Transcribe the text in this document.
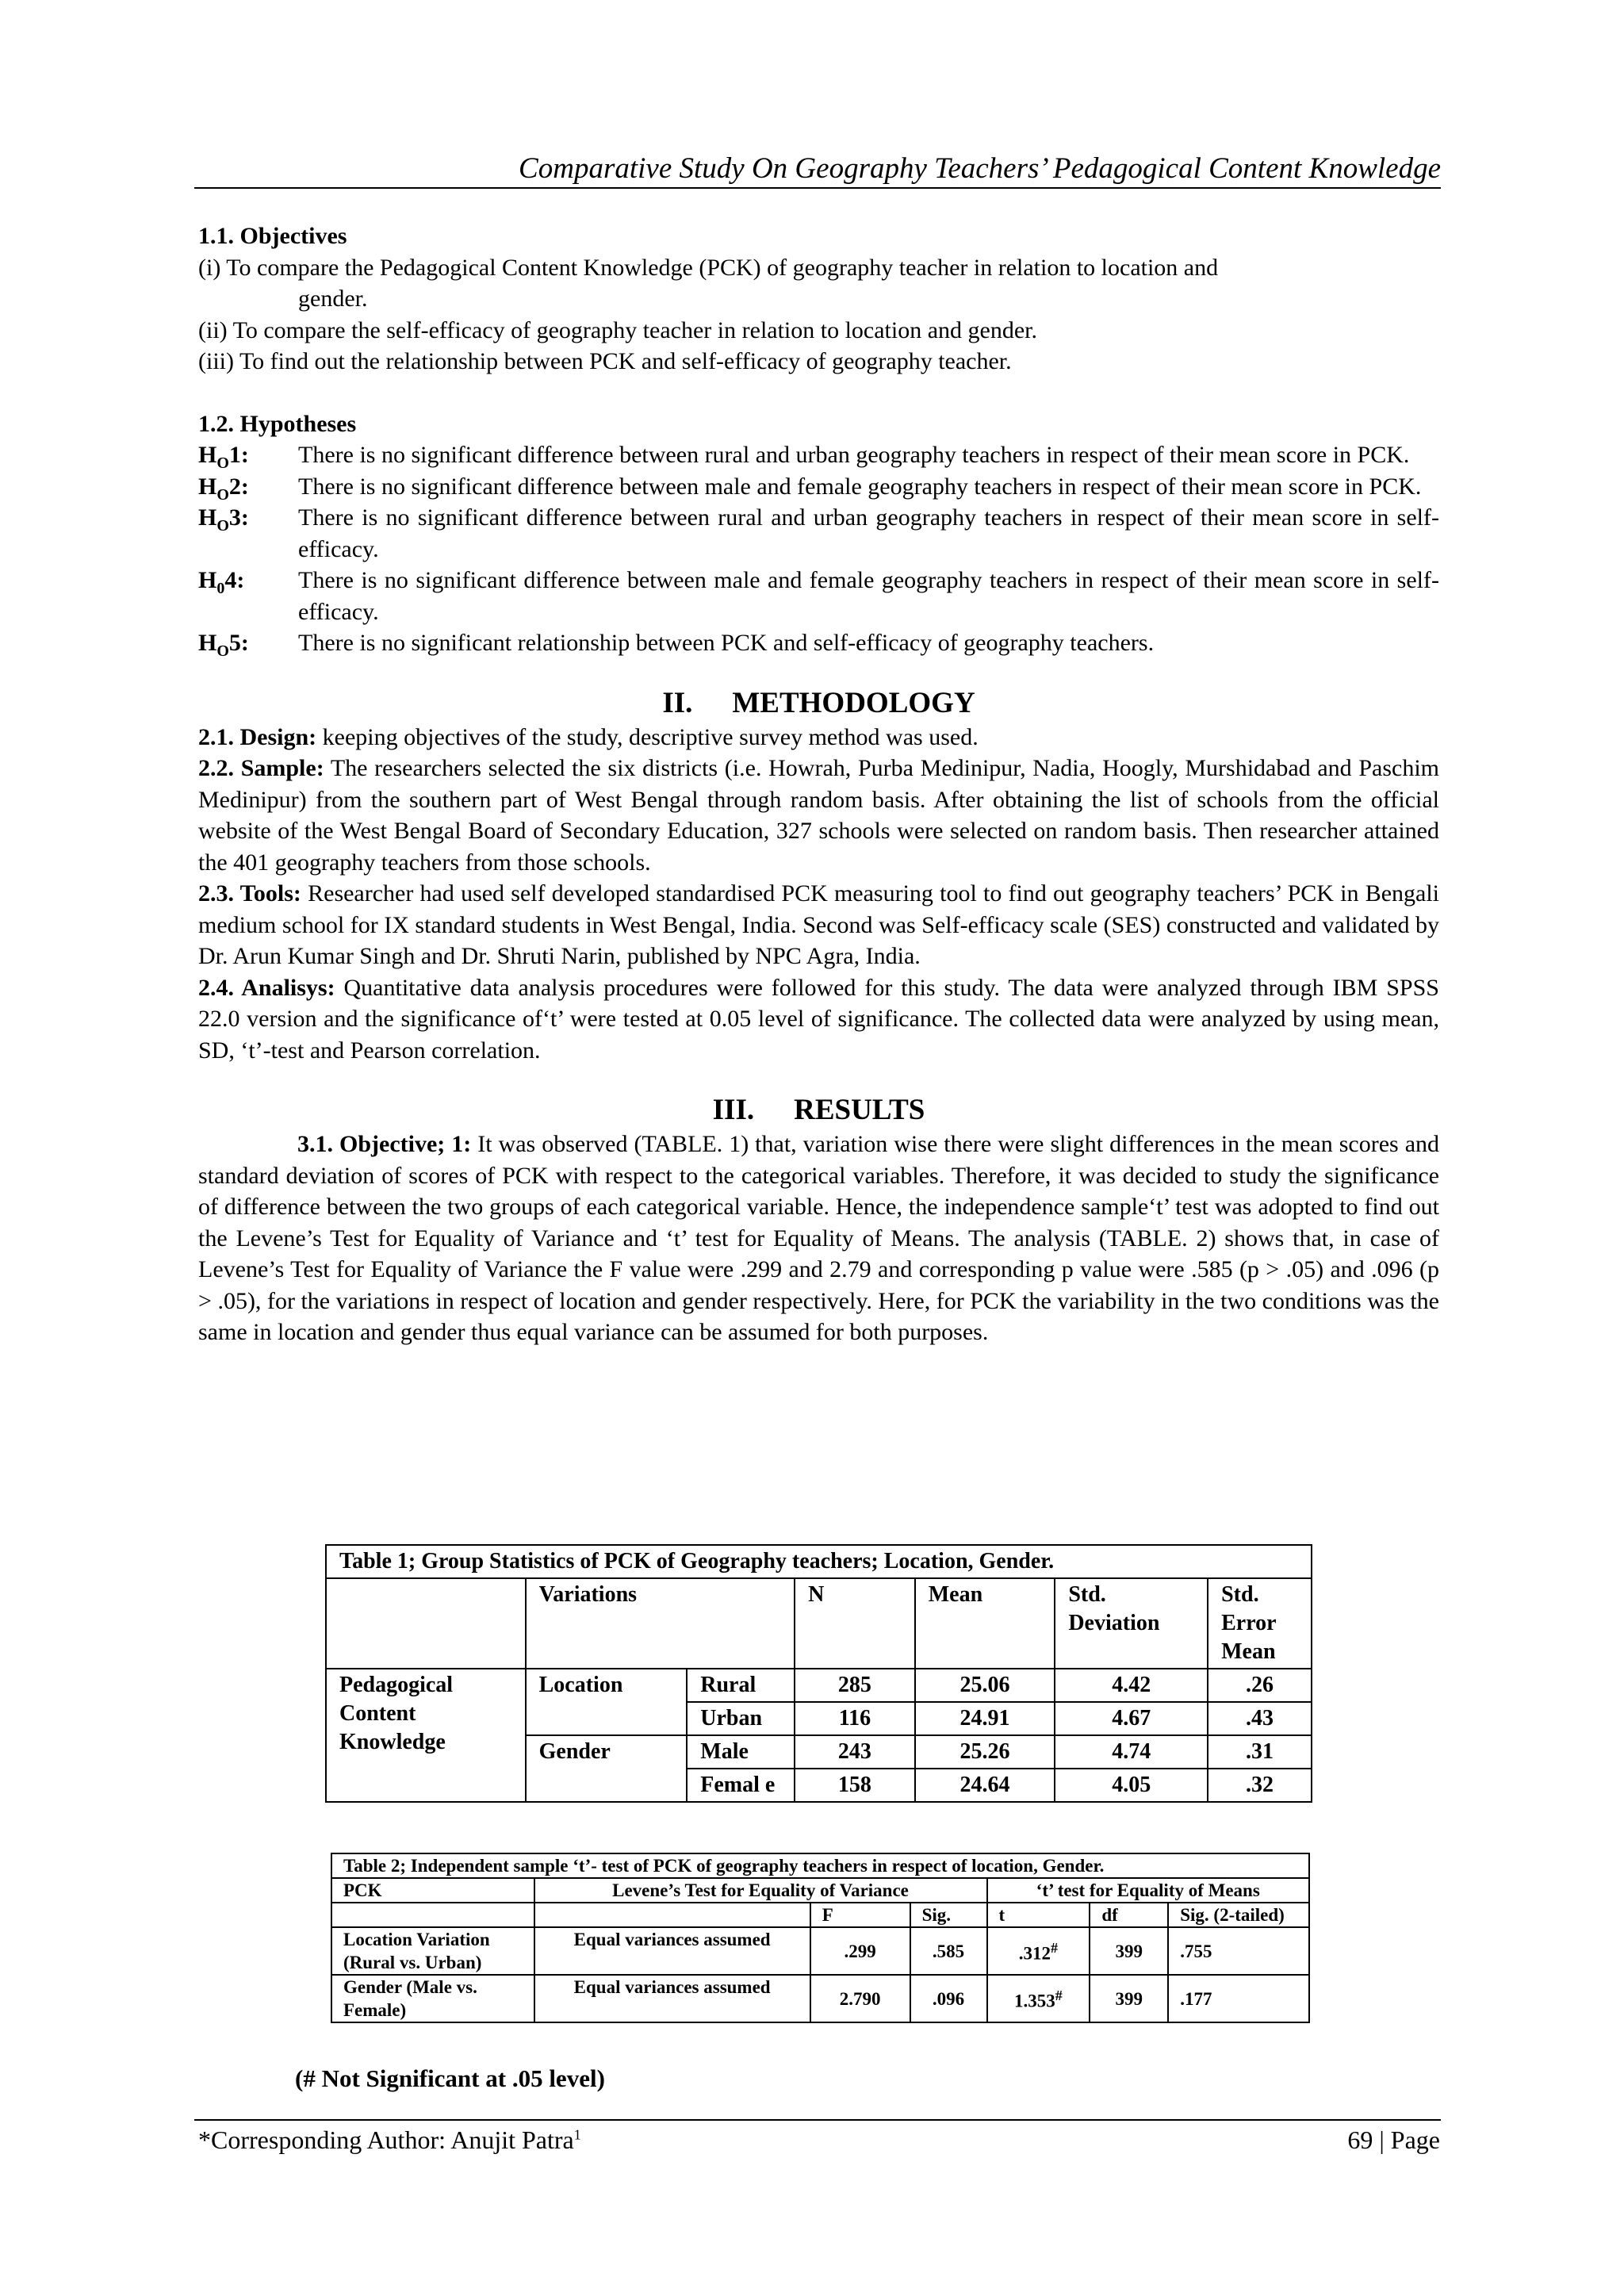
Comparative Study On Geography Teachers’ Pedagogical Content Knowledge
1.1. Objectives

(i) To compare the Pedagogical Content Knowledge (PCK) of geography teacher in relation to location and

gender.

(ii) To compare the self-efficacy of geography teacher in relation to location and gender.

(iii) To find out the relationship between PCK and self-efficacy of geography teacher.

1.2. Hypotheses
$H_O1$:	There is no significant difference between rural and urban geography teachers in respect of their mean score in PCK.
$H_O2$:	There is no significant difference between male and female geography teachers in respect of their mean score in PCK.
$H_O3$:	There is no significant difference between rural and urban geography teachers in respect of their mean score in self-efficacy.
$H_04$:	There is no significant difference between male and female geography teachers in respect of their mean score in self-efficacy.
$H_O5$:	There is no significant relationship between PCK and self-efficacy of geography teachers.
II. METHODOLOGY

2.1. Design: keeping objectives of the study, descriptive survey method was used.

2.2. Sample: The researchers selected the six districts (i.e. Howrah, Purba Medinipur, Nadia, Hoogly, Murshidabad and Paschim Medinipur) from the southern part of West Bengal through random basis. After obtaining the list of schools from the official website of the West Bengal Board of Secondary Education, 327 schools were selected on random basis. Then researcher attained the 401 geography teachers from those schools.

2.3. Tools: Researcher had used self developed standardised PCK measuring tool to find out geography teachers’ PCK in Bengali medium school for IX standard students in West Bengal, India. Second was Self-efficacy scale (SES) constructed and validated by Dr. Arun Kumar Singh and Dr. Shruti Narin, published by NPC Agra, India.

2.4. Analisys: Quantitative data analysis procedures were followed for this study. The data were analyzed through IBM SPSS 22.0 version and the significance of‘t’ were tested at 0.05 level of significance. The collected data were analyzed by using mean, SD, ‘t’-test and Pearson correlation.

III. RESULTS

3.1. Objective; 1: It was observed (TABLE. 1) that, variation wise there were slight differences in the mean scores and standard deviation of scores of PCK with respect to the categorical variables. Therefore, it was decided to study the significance of difference between the two groups of each categorical variable. Hence, the independence sample‘t’ test was adopted to find out the Levene’s Test for Equality of Variance and ‘t’ test for Equality of Means. The analysis (TABLE. 2) shows that, in case of Levene’s Test for Equality of Variance the F value were .299 and 2.79 and corresponding p value were .585 (p > .05) and .096 (p > .05), for the variations in respect of location and gender respectively. Here, for PCK the variability in the two conditions was the same in location and gender thus equal variance can be assumed for both purposes.

Table 1; Group Statistics of PCK of Geography teachers; Location, Gender.						
	Variations		N	Mean	Std. Deviation	Std. Error Mean
Pedagogical Content Knowledge	Location	Rural	285	25.06	4.42	.26
		Urban	116	24.91	4.67	.43
	Gender	Male	243	25.26	4.74	.31
		Femal e	158	24.64	4.05	.32
Table 2; Independent sample ‘t’- test of PCK of geography teachers in respect of location, Gender.						
PCK	Levene’s Test for Equality of Variance			‘t’ test for Equality of Means		
		F	Sig.	t	df	Sig. (2-tailed)
Location Variation (Rural vs. Urban)	Equal variances assumed	.299	.585	.312#	399	.755
Gender (Male vs. Female)	Equal variances assumed	2.790	.096	1.353#	399	.177
(# Not Significant at .05 level)
*Corresponding Author: Anujit Patra$^1$	69 | Page
